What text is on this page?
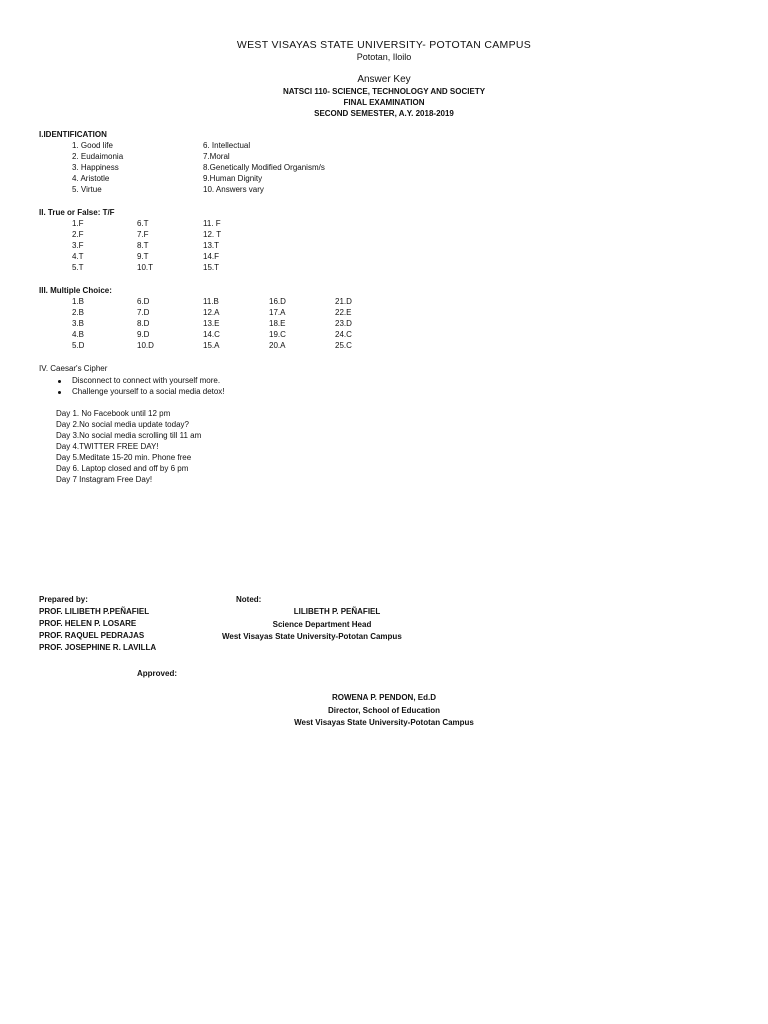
WEST VISAYAS STATE UNIVERSITY- POTOTAN CAMPUS
Pototan, Iloilo
Answer Key
NATSCI 110- SCIENCE, TECHNOLOGY AND SOCIETY
FINAL EXAMINATION
SECOND SEMESTER, A.Y. 2018-2019
I.IDENTIFICATION
1. Good life
2. Eudaimonia
3. Happiness
4. Aristotle
5. Virtue
6. Intellectual
7.Moral
8.Genetically Modified Organism/s
9.Human Dignity
10. Answers vary
II. True or False: T/F
1.F
2.F
3.F
4.T
5.T
6.T
7.F
8.T
9.T
10.T
11. F
12. T
13.T
14.F
15.T
III. Multiple Choice:
1.B
2.B
3.B
4.B
5.D
6.D
7.D
8.D
9.D
10.D
11.B
12.A
13.E
14.C
15.A
16.D
17.A
18.E
19.C
20.A
21.D
22.E
23.D
24.C
25.C
IV. Caesar's Cipher
Disconnect to connect with yourself more.
Challenge yourself to a social media detox!
Day 1. No Facebook until 12 pm
Day 2.No social media update today?
Day 3.No social media scrolling till 11 am
Day 4.TWITTER FREE DAY!
Day 5.Meditate 15-20 min. Phone free
Day 6. Laptop closed and off by 6 pm
Day 7 Instagram Free Day!
Prepared by:
PROF. LILIBETH P.PEÑAFIEL
PROF. HELEN P. LOSARE
PROF. RAQUEL PEDRAJAS
PROF. JOSEPHINE R. LAVILLA
Noted:
LILIBETH P. PEÑAFIEL
Science Department Head
West Visayas State University-Pototan Campus
Approved:
ROWENA P. PENDON, Ed.D
Director, School of Education
West Visayas State University-Pototan Campus
